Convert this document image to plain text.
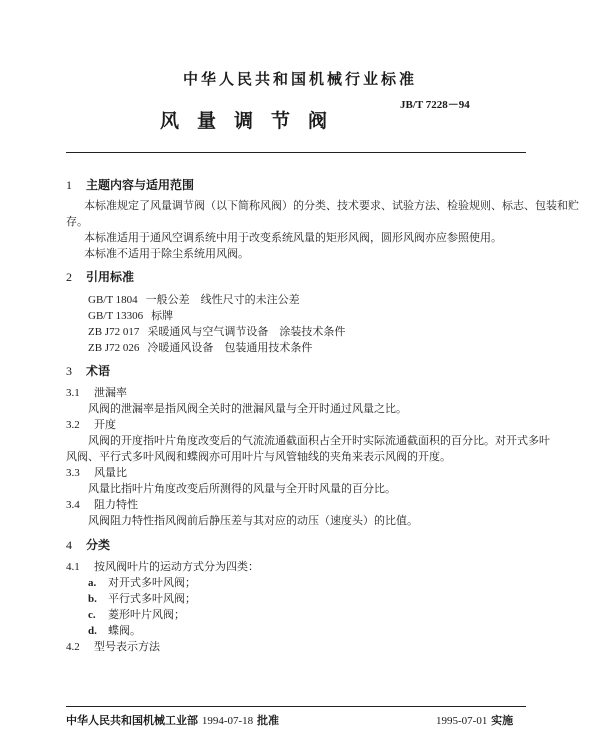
中华人民共和国机械行业标准
JB/T 7228－94
风量调节阀
1 主题内容与适用范围
本标准规定了风量调节阀（以下简称风阀）的分类、技术要求、试验方法、检验规则、标志、包装和贮
存。
本标准适用于通风空调系统中用于改变系统风量的矩形风阀，圆形风阀亦应参照使用。
本标准不适用于除尘系统用风阀。
2 引用标准
GB/T 1804 一般公差　线性尺寸的未注公差
GB/T 13306 标牌
ZB J72 017 采暖通风与空气调节设备　涂装技术条件
ZB J72 026 冷暖通风设备　包装通用技术条件
3 术语
3.1 泄漏率
风阀的泄漏率是指风阀全关时的泄漏风量与全开时通过风量之比。
3.2 开度
风阀的开度指叶片角度改变后的气流流通截面积占全开时实际流通截面积的百分比。对开式多叶
风阀、平行式多叶风阀和蝶阀亦可用叶片与风管轴线的夹角来表示风阀的开度。
3.3 风量比
风量比指叶片角度改变后所测得的风量与全开时风量的百分比。
3.4 阻力特性
风阀阻力特性指风阀前后静压差与其对应的动压（速度头）的比值。
4 分类
4.1 按风阀叶片的运动方式分为四类：
a. 对开式多叶风阀；
b. 平行式多叶风阀；
c. 菱形叶片风阀；
d. 蝶阀。
4.2 型号表示方法
中华人民共和国机械工业部 1994-07-18 批准	1995-07-01 实施
